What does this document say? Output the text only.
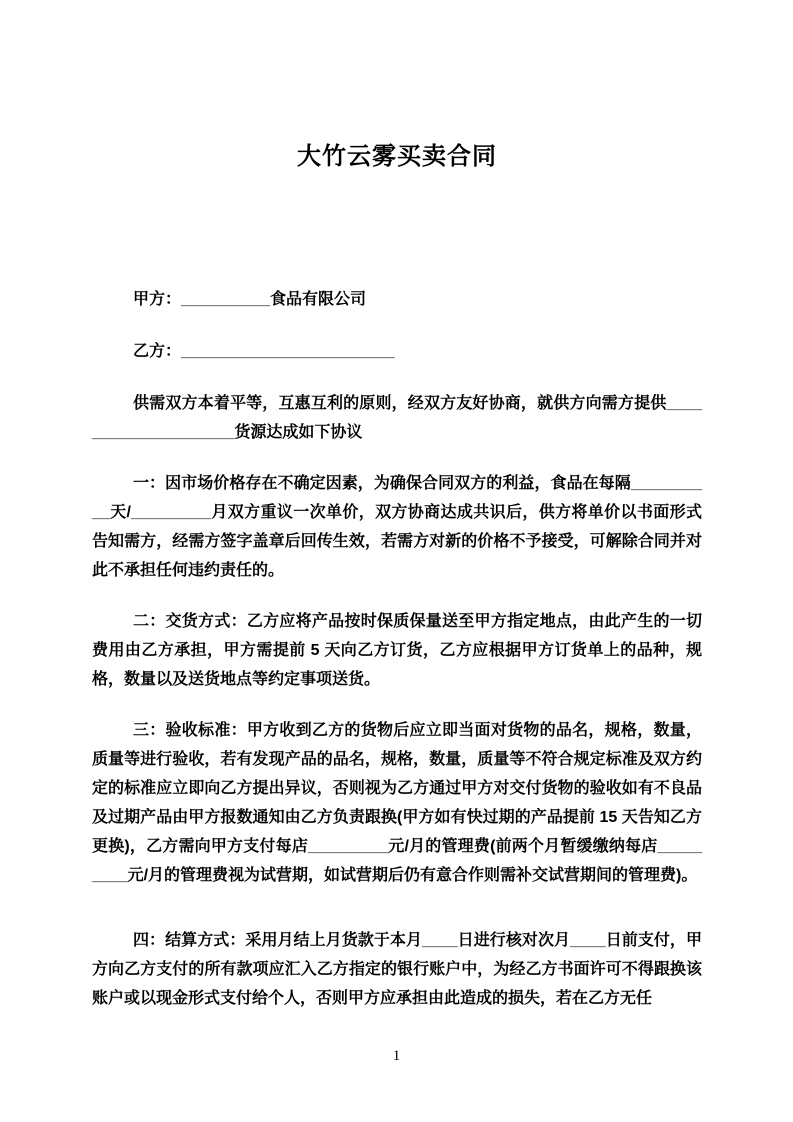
大竹云雾买卖合同

甲方：__________食品有限公司

乙方：________________________

供需双方本着平等，互惠互利的原则，经双方友好协商，就供方向需方提供____________________货源达成如下协议

一：因市场价格存在不确定因素，为确保合同双方的利益，食品在每隔__________天/_________月双方重议一次单价，双方协商达成共识后，供方将单价以书面形式告知需方，经需方签字盖章后回传生效，若需方对新的价格不予接受，可解除合同并对此不承担任何违约责任的。

二：交货方式：乙方应将产品按时保质保量送至甲方指定地点，由此产生的一切费用由乙方承担，甲方需提前 5 天向乙方订货，乙方应根据甲方订货单上的品种，规格，数量以及送货地点等约定事项送货。

三：验收标准：甲方收到乙方的货物后应立即当面对货物的品名，规格，数量，质量等进行验收，若有发现产品的品名，规格，数量，质量等不符合规定标准及双方约定的标准应立即向乙方提出异议，否则视为乙方通过甲方对交付货物的验收如有不良品及过期产品由甲方报数通知由乙方负责跟换(甲方如有快过期的产品提前 15 天告知乙方更换)，乙方需向甲方支付每店_________元/月的管理费(前两个月暂缓缴纳每店_________元/月的管理费视为试营期，如试营期后仍有意合作则需补交试营期间的管理费)。

四：结算方式：采用月结上月货款于本月____日进行核对次月____日前支付，甲方向乙方支付的所有款项应汇入乙方指定的银行账户中，为经乙方书面许可不得跟换该账户或以现金形式支付给个人，否则甲方应承担由此造成的损失，若在乙方无任

1
